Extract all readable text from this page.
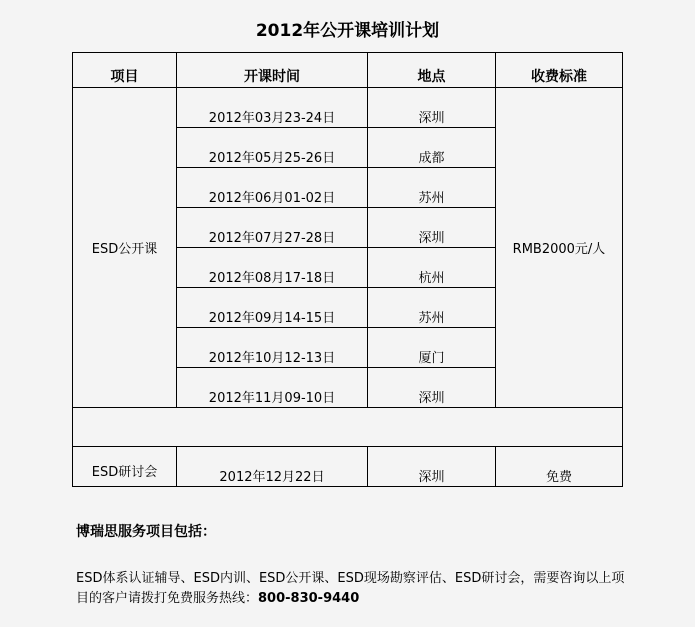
2012年公开课培训计划
项目	开课时间	地点	收费标准
ESD公开课	2012年03月23-24日	深圳	RMB2000元/人
	2012年05月25-26日	成都	
	2012年06月01-02日	苏州	
	2012年07月27-28日	深圳	
	2012年08月17-18日	杭州	
	2012年09月14-15日	苏州	
	2012年10月12-13日	厦门	
	2012年11月09-10日	深圳	

ESD研讨会	2012年12月22日	深圳	免费
博瑞思服务项目包括：
ESD体系认证辅导、ESD内训、ESD公开课、ESD现场勘察评估、ESD研讨会，需要咨询以上项目的客户请拨打免费服务热线：800-830-9440
